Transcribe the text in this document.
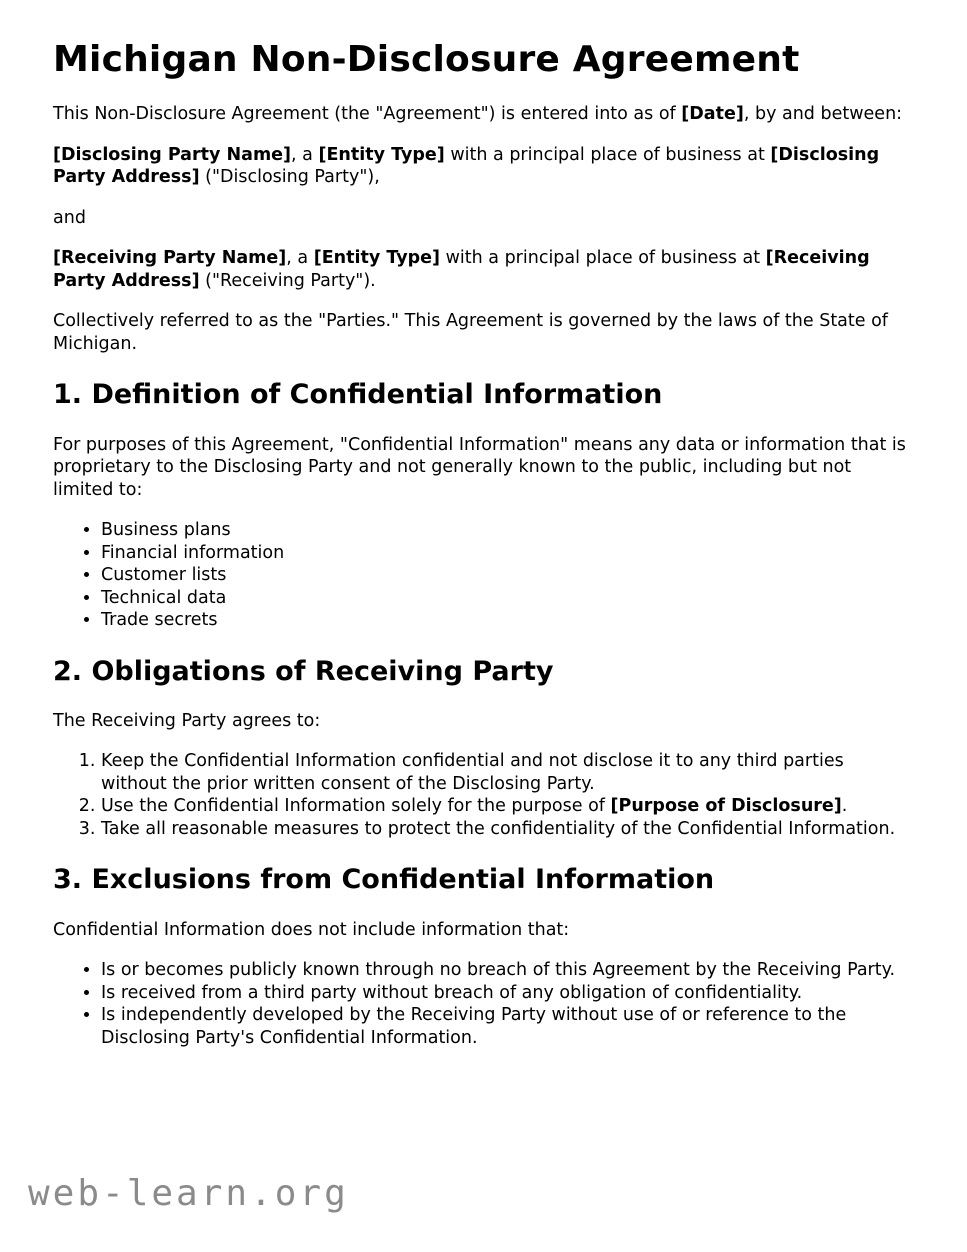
Michigan Non-Disclosure Agreement

This Non-Disclosure Agreement (the "Agreement") is entered into as of [Date], by and between:

[Disclosing Party Name], a [Entity Type] with a principal place of business at [Disclosing Party Address] ("Disclosing Party"),

and

[Receiving Party Name], a [Entity Type] with a principal place of business at [Receiving Party Address] ("Receiving Party").

Collectively referred to as the "Parties." This Agreement is governed by the laws of the State of Michigan.

1. Definition of Confidential Information

For purposes of this Agreement, "Confidential Information" means any data or information that is proprietary to the Disclosing Party and not generally known to the public, including but not limited to:

• Business plans
• Financial information
• Customer lists
• Technical data
• Trade secrets
2. Obligations of Receiving Party

The Receiving Party agrees to:

1. Keep the Confidential Information confidential and not disclose it to any third parties without the prior written consent of the Disclosing Party.
2. Use the Confidential Information solely for the purpose of [Purpose of Disclosure].
3. Take all reasonable measures to protect the confidentiality of the Confidential Information.
3. Exclusions from Confidential Information

Confidential Information does not include information that:

• Is or becomes publicly known through no breach of this Agreement by the Receiving Party.
• Is received from a third party without breach of any obligation of confidentiality.
• Is independently developed by the Receiving Party without use of or reference to the Disclosing Party's Confidential Information.
web-learn.org
